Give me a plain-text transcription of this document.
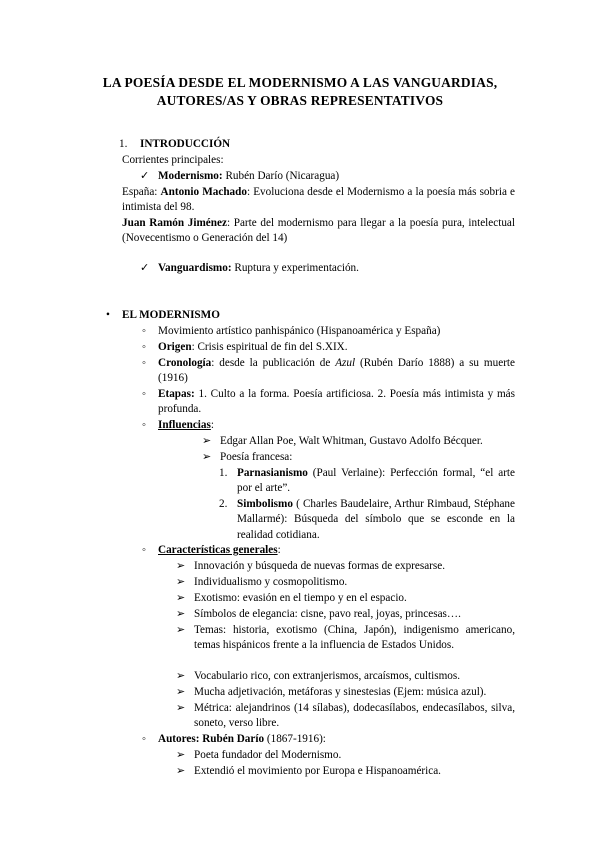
LA POESÍA DESDE EL MODERNISMO A LAS VANGUARDIAS,
AUTORES/AS Y OBRAS REPRESENTATIVOS
1. INTRODUCCIÓN
Corrientes principales:
✓ Modernismo: Rubén Darío (Nicaragua)
España: Antonio Machado: Evoluciona desde el Modernismo a la poesía más sobria e intimista del 98.
Juan Ramón Jiménez: Parte del modernismo para llegar a la poesía pura, intelectual (Novecentismo o Generación del 14)
✓ Vanguardismo: Ruptura y experimentación.
• EL MODERNISMO
◦ Movimiento artístico panhispánico (Hispanoamérica y España)
◦ Origen: Crisis espiritual de fin del S.XIX.
◦ Cronología: desde la publicación de Azul (Rubén Darío 1888) a su muerte (1916)
◦ Etapas: 1. Culto a la forma. Poesía artificiosa. 2. Poesía más intimista y más profunda.
◦ Influencias:
➢ Edgar Allan Poe, Walt Whitman, Gustavo Adolfo Bécquer.
➢ Poesía francesa:
1. Parnasianismo (Paul Verlaine): Perfección formal, “el arte por el arte”.
2. Simbolismo ( Charles Baudelaire, Arthur Rimbaud, Stéphane Mallarmé): Búsqueda del símbolo que se esconde en la realidad cotidiana.
◦ Características generales:
➢ Innovación y búsqueda de nuevas formas de expresarse.
➢ Individualismo y cosmopolitismo.
➢ Exotismo: evasión en el tiempo y en el espacio.
➢ Símbolos de elegancia: cisne, pavo real, joyas, princesas….
➢ Temas: historia, exotismo (China, Japón), indigenismo americano, temas hispánicos frente a la influencia de Estados Unidos.
➢ Vocabulario rico, con extranjerismos, arcaísmos, cultismos.
➢ Mucha adjetivación, metáforas y sinestesias (Ejem: música azul).
➢ Métrica: alejandrinos (14 sílabas), dodecasílabos, endecasílabos, silva, soneto, verso libre.
◦ Autores: Rubén Darío (1867-1916):
➢ Poeta fundador del Modernismo.
➢ Extendió el movimiento por Europa e Hispanoamérica.
